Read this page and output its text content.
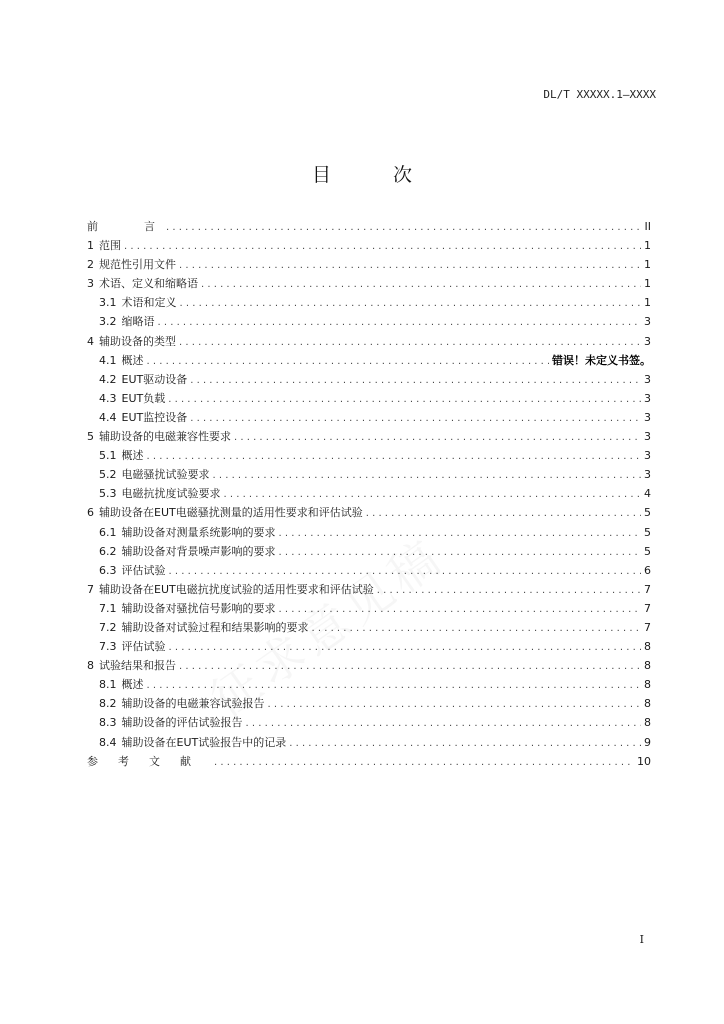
DL/T XXXXX.1—XXXX
目 次
前　　言 . . .	II
1 范围 . . .	1
2 规范性引用文件 . . .	1
3 术语、定义和缩略语 . . .	1
3.1 术语和定义 . . .	1
3.2 缩略语 . . .	3
4 辅助设备的类型 . . .	3
4.1 概述 . . .	错误！未定义书签。
4.2 EUT驱动设备 . . .	3
4.3 EUT负载 . . .	3
4.4 EUT监控设备 . . .	3
5 辅助设备的电磁兼容性要求 . . .	3
5.1 概述 . . .	3
5.2 电磁骚扰试验要求 . . .	3
5.3 电磁抗扰度试验要求 . . .	4
6 辅助设备在EUT电磁骚扰测量的适用性要求和评估试验 . . .	5
6.1 辅助设备对测量系统影响的要求 . . .	5
6.2 辅助设备对背景噪声影响的要求 . . .	5
6.3 评估试验 . . .	6
7 辅助设备在EUT电磁抗扰度试验的适用性要求和评估试验 . . .	7
7.1 辅助设备对骚扰信号影响的要求 . . .	7
7.2 辅助设备对试验过程和结果影响的要求 . . .	7
7.3 评估试验 . . .	8
8 试验结果和报告 . . .	8
8.1 概述 . . .	8
8.2 辅助设备的电磁兼容试验报告 . . .	8
8.3 辅助设备的评估试验报告 . . .	8
8.4 辅助设备在EUT试验报告中的记录 . . .	9
参考文献 . . .	10
I
